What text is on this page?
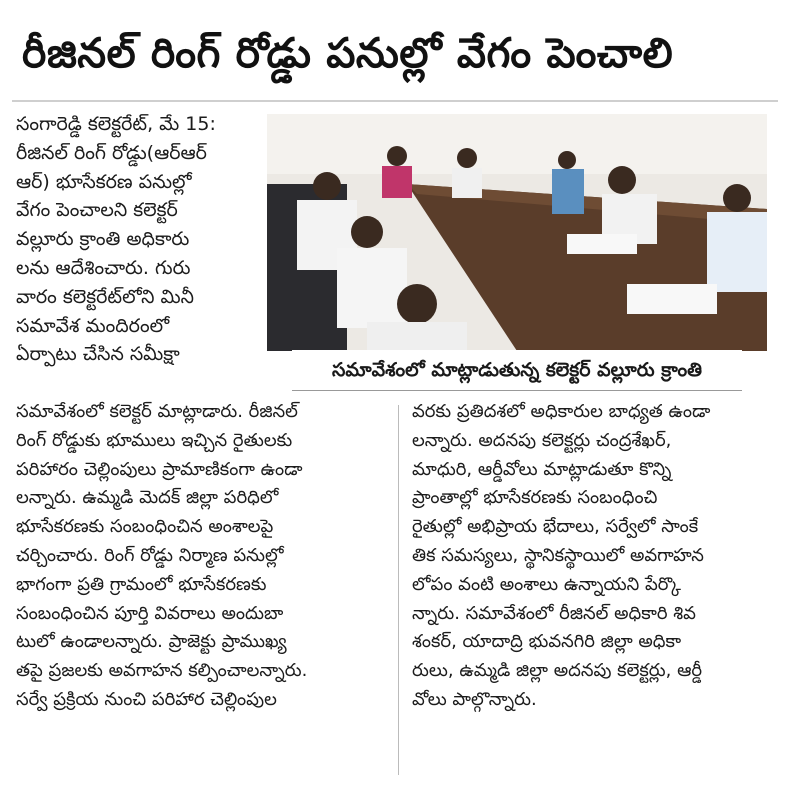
రీజినల్ రింగ్ రోడ్డు పనుల్లో వేగం పెంచాలి
సంగారెడ్డి కలెక్టరేట్, మే 15:
రీజినల్ రింగ్ రోడ్డు(ఆర్ఆర్
ఆర్) భూసేకరణ పనుల్లో
వేగం పెంచాలని కలెక్టర్
వల్లూరు క్రాంతి అధికారు
లను ఆదేశించారు. గురు
వారం కలెక్టరేట్‌లోని మినీ
సమావేశ మందిరంలో
ఏర్పాటు చేసిన సమీక్షా
సమావేశంలో మాట్లాడుతున్న కలెక్టర్ వల్లూరు క్రాంతి
సమావేశంలో కలెక్టర్ మాట్లాడారు. రీజినల్
రింగ్ రోడ్డుకు భూములు ఇచ్చిన రైతులకు
పరిహారం చెల్లింపులు ప్రామాణికంగా ఉండా
లన్నారు. ఉమ్మడి మెదక్ జిల్లా పరిధిలో
భూసేకరణకు సంబంధించిన అంశాలపై
చర్చించారు. రింగ్ రోడ్డు నిర్మాణ పనుల్లో
భాగంగా ప్రతి గ్రామంలో భూసేకరణకు
సంబంధించిన పూర్తి వివరాలు అందుబా
టులో ఉండాలన్నారు. ప్రాజెక్టు ప్రాముఖ్య
తపై ప్రజలకు అవగాహన కల్పించాలన్నారు.
సర్వే ప్రక్రియ నుంచి పరిహార చెల్లింపుల
వరకు ప్రతిదశలో అధికారుల బాధ్యత ఉండా
లన్నారు. అదనపు కలెక్టర్లు చంద్రశేఖర్,
మాధురి, ఆర్డీవోలు మాట్లాడుతూ కొన్ని
ప్రాంతాల్లో భూసేకరణకు సంబంధించి
రైతుల్లో అభిప్రాయ భేదాలు, సర్వేలో సాంకే
తిక సమస్యలు, స్థానికస్థాయిలో అవగాహన
లోపం వంటి అంశాలు ఉన్నాయని పేర్కొ
న్నారు. సమావేశంలో రీజినల్ అధికారి శివ
శంకర్, యాదాద్రి భువనగిరి జిల్లా అధికా
రులు, ఉమ్మడి జిల్లా అదనపు కలెక్టర్లు, ఆర్డీ
వోలు పాల్గొన్నారు.
